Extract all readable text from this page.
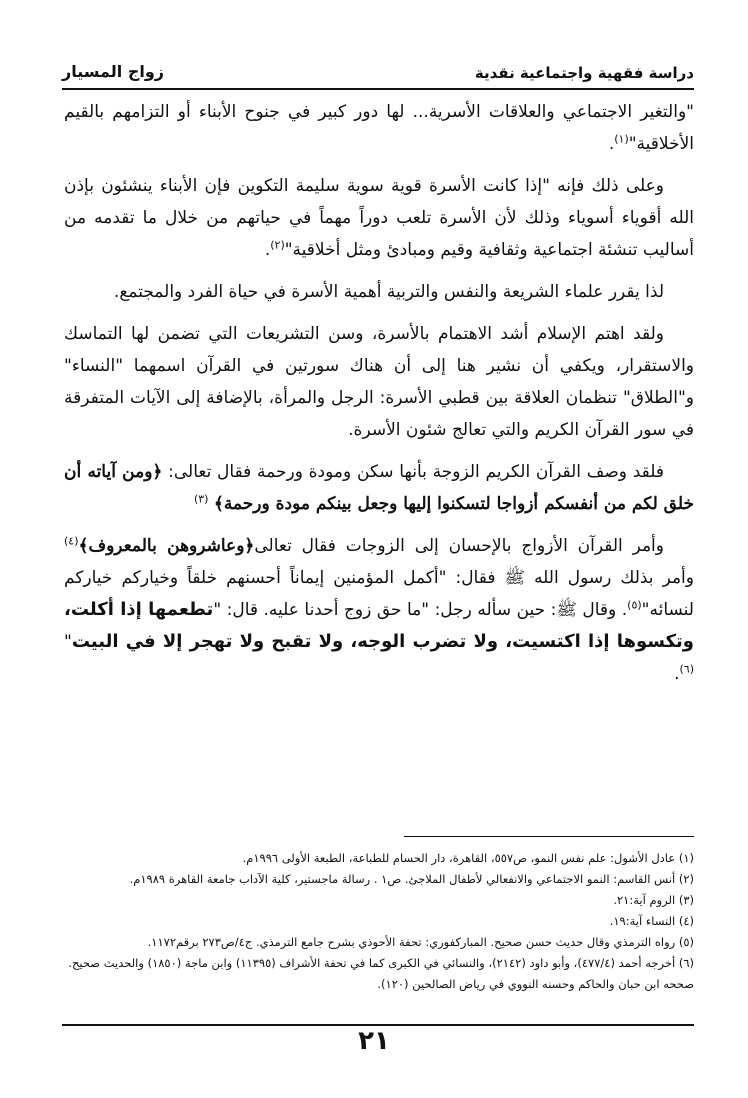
دراسة فقهية واجتماعية نقدية
زواج المسيار

"والتغير الاجتماعي والعلاقات الأسرية... لها دور كبير في جنوح الأبناء أو التزامهم بالقيم الأخلاقية"$^{(١)}$.

وعلى ذلك فإنه "إذا كانت الأسرة قوية سوية سليمة التكوين فإن الأبناء ينشئون بإذن الله أقوياء أسوياء وذلك لأن الأسرة تلعب دوراً مهماً في حياتهم من خلال ما تقدمه من أساليب تنشئة اجتماعية وثقافية وقيم ومبادئ ومثل أخلاقية"$^{(٢)}$.

لذا يقرر علماء الشريعة والنفس والتربية أهمية الأسرة في حياة الفرد والمجتمع.

ولقد اهتم الإسلام أشد الاهتمام بالأسرة، وسن التشريعات التي تضمن لها التماسك والاستقرار، ويكفي أن نشير هنا إلى أن هناك سورتين في القرآن اسمهما "النساء" و"الطلاق" تنظمان العلاقة بين قطبي الأسرة: الرجل والمرأة، بالإضافة إلى الآيات المتفرقة في سور القرآن الكريم والتي تعالج شئون الأسرة.

فلقد وصف القرآن الكريم الزوجة بأنها سكن ومودة ورحمة فقال تعالى: ﴿ومن آياته أن خلق لكم من أنفسكم أزواجا لتسكنوا إليها وجعل بينكم مودة ورحمة﴾ $^{(٣)}$

وأمر القرآن الأزواج بالإحسان إلى الزوجات فقال تعالى﴿وعاشروهن بالمعروف﴾$^{(٤)}$ وأمر بذلك رسول الله ﷺ فقال: "أكمل المؤمنين إيماناً أحسنهم خلقاً وخياركم خياركم لنسائه"$^{(٥)}$. وقال ﷺ: حين سأله رجل: "ما حق زوج أحدنا عليه. قال: "تطعمها إذا أكلت، وتكسوها إذا اكتسيت، ولا تضرب الوجه، ولا تقبح ولا تهجر إلا في البيت"$^{(٦)}$.

(١) عادل الأشول: علم نفس النمو، ص٥٥٧، القاهرة، دار الحسام للطباعة، الطبعة الأولى ١٩٩٦م.

(٢) أنس القاسم: النمو الاجتماعي والانفعالي لأطفال الملاجئ. ص١ . رسالة ماجستير، كلية الآداب جامعة القاهرة ١٩٨٩م.

(٣) الروم آية:٢١.

(٤) النساء آية:١٩.

(٥) رواه الترمذي وقال حديث حسن صحيح. المباركفوري: تحفة الأحوذي بشرح جامع الترمذي. ج٤/ص٢٧٣ برقم١١٧٢.

(٦) أخرجه أحمد (٤٧٧/٤)، وأبو داود (٢١٤٢)، والنسائي في الكبرى كما في تحفة الأشراف (١١٣٩٥) وابن ماجة (١٨٥٠) والحديث صحيح. صححه ابن حبان والحاكم وحسنه النووي في رياض الصالحين (١٢٠).

٢١
